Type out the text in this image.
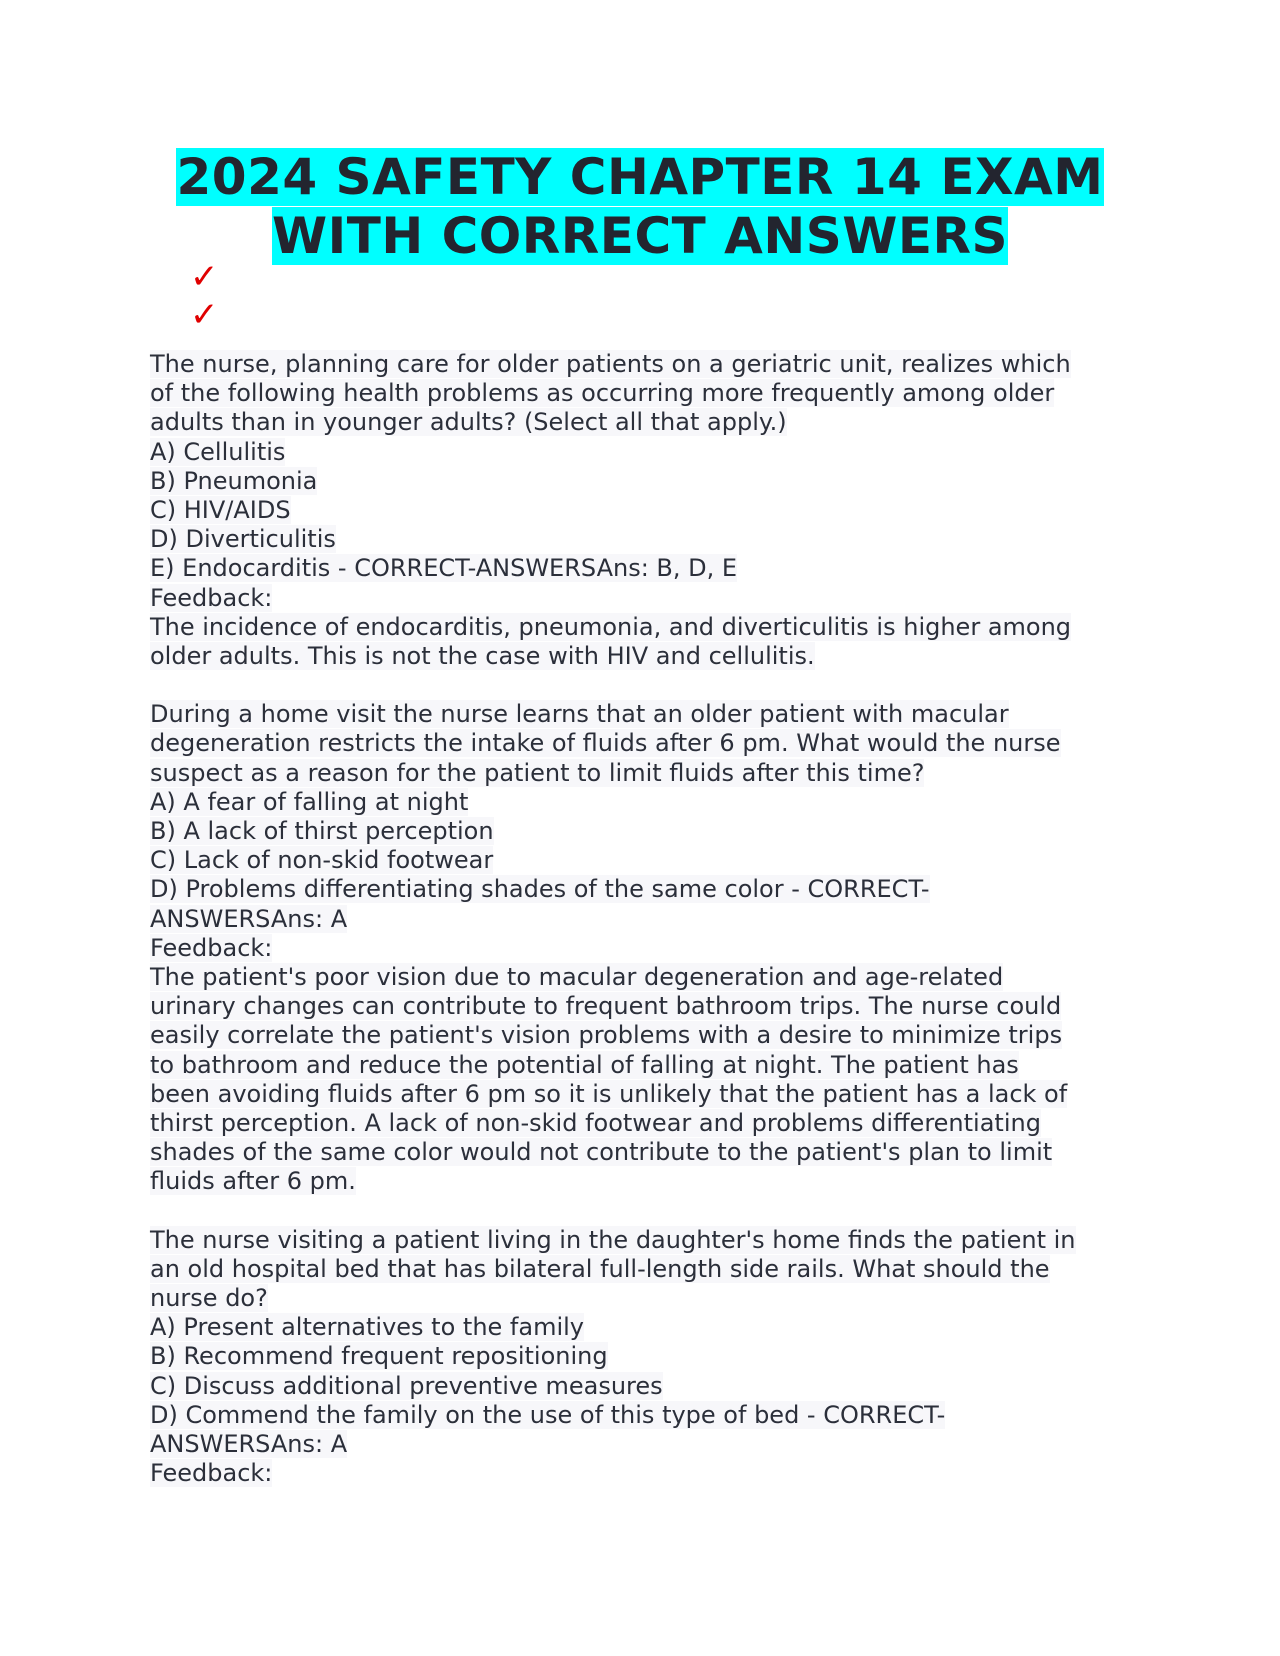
2024 SAFETY CHAPTER 14 EXAM
WITH CORRECT ANSWERS
✓
✓
The nurse, planning care for older patients on a geriatric unit, realizes which
of the following health problems as occurring more frequently among older
adults than in younger adults? (Select all that apply.)
A) Cellulitis
B) Pneumonia
C) HIV/AIDS
D) Diverticulitis
E) Endocarditis - CORRECT-ANSWERSAns: B, D, E
Feedback:
The incidence of endocarditis, pneumonia, and diverticulitis is higher among
older adults. This is not the case with HIV and cellulitis.
During a home visit the nurse learns that an older patient with macular
degeneration restricts the intake of fluids after 6 pm. What would the nurse
suspect as a reason for the patient to limit fluids after this time?
A) A fear of falling at night
B) A lack of thirst perception
C) Lack of non-skid footwear
D) Problems differentiating shades of the same color - CORRECT-
ANSWERSAns: A
Feedback:
The patient's poor vision due to macular degeneration and age-related
urinary changes can contribute to frequent bathroom trips. The nurse could
easily correlate the patient's vision problems with a desire to minimize trips
to bathroom and reduce the potential of falling at night. The patient has
been avoiding fluids after 6 pm so it is unlikely that the patient has a lack of
thirst perception. A lack of non-skid footwear and problems differentiating
shades of the same color would not contribute to the patient's plan to limit
fluids after 6 pm.
The nurse visiting a patient living in the daughter's home finds the patient in
an old hospital bed that has bilateral full-length side rails. What should the
nurse do?
A) Present alternatives to the family
B) Recommend frequent repositioning
C) Discuss additional preventive measures
D) Commend the family on the use of this type of bed - CORRECT-
ANSWERSAns: A
Feedback:
